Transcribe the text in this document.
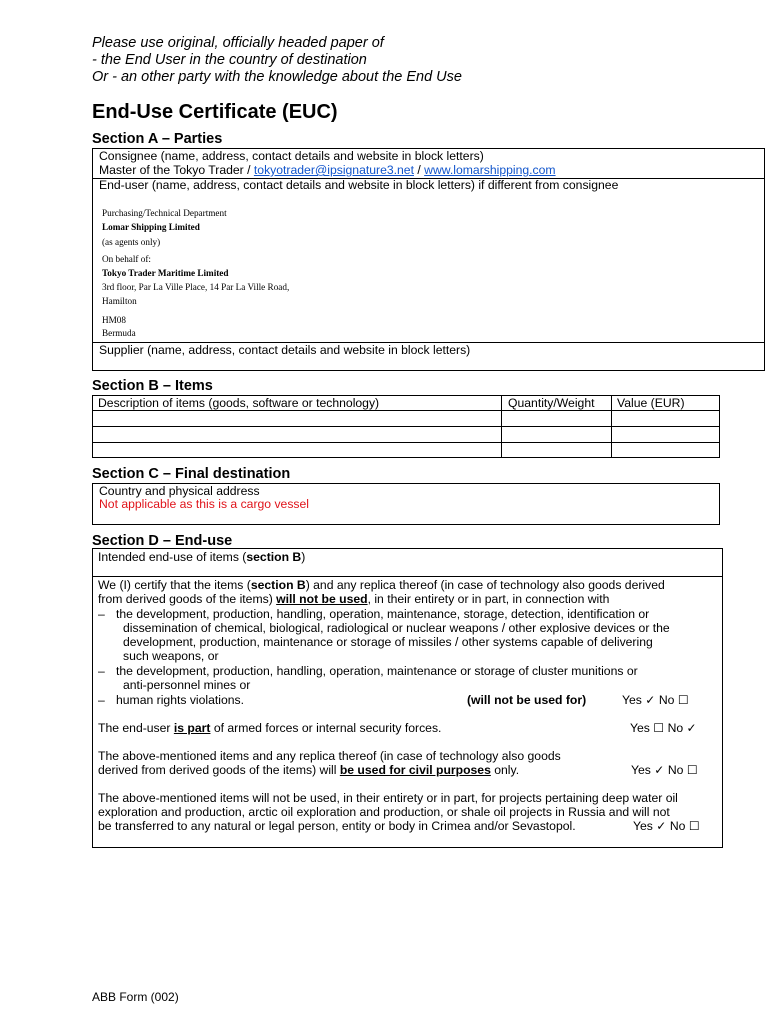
Please use original, officially headed paper of
- the End User in the country of destination
Or - an other party with the knowledge about the End Use
End-Use Certificate (EUC)
Section A – Parties
Consignee (name, address, contact details and website in block letters)
Master of the Tokyo Trader / tokyotrader@ipsignature3.net / www.lomarshipping.com
End-user (name, address, contact details and website in block letters) if different from consignee
Purchasing/Technical Department
Lomar Shipping Limited
(as agents only)
On behalf of:
Tokyo Trader Maritime Limited
3rd floor, Par La Ville Place, 14 Par La Ville Road,
Hamilton
HM08
Bermuda
Supplier (name, address, contact details and website in block letters)
Section B – Items
Description of items (goods, software or technology)	Quantity/Weight Value (EUR)
Section C – Final destination
Country and physical address
Not applicable as this is a cargo vessel
Section D – End-use
Intended end-use of items (section B)
We (I) certify that the items (section B) and any replica thereof (in case of technology also goods derived
from derived goods of the items) will not be used, in their entirety or in part, in connection with
– the development, production, handling, operation, maintenance, storage, detection, identification or
dissemination of chemical, biological, radiological or nuclear weapons / other explosive devices or the
development, production, maintenance or storage of missiles / other systems capable of delivering
such weapons, or
– the development, production, handling, operation, maintenance or storage of cluster munitions or
anti-personnel mines or
– human rights violations.	(will not be used for)	Yes ✓ No ☐
The end-user is part of armed forces or internal security forces.	Yes ☐ No ✓
The above-mentioned items and any replica thereof (in case of technology also goods
derived from derived goods of the items) will be used for civil purposes only.	Yes ✓ No ☐
The above-mentioned items will not be used, in their entirety or in part, for projects pertaining deep water oil
exploration and production, arctic oil exploration and production, or shale oil projects in Russia and will not
be transferred to any natural or legal person, entity or body in Crimea and/or Sevastopol.	Yes ✓ No ☐
ABB Form (002)
